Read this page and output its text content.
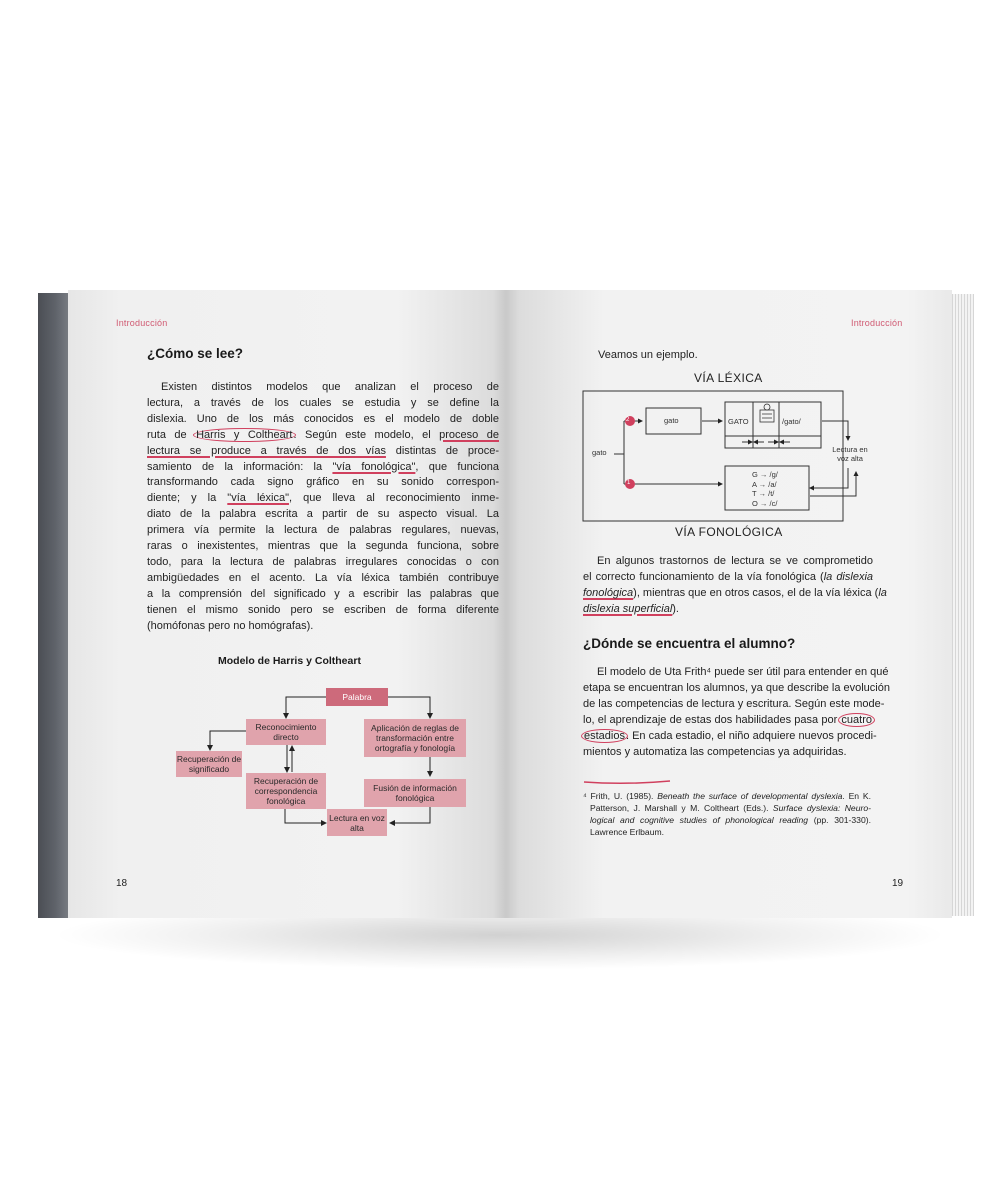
Introducción
¿Cómo se lee?
Existen distintos modelos que analizan el proceso de
lectura, a través de los cuales se estudia y se define la
dislexia. Uno de los más conocidos es el modelo de doble
ruta de Harris y Coltheart. Según este modelo, el proceso de
lectura se produce a través de dos vías distintas de proce-
samiento de la información: la "vía fonológica", que funciona
transformando cada signo gráfico en su sonido correspon-
diente; y la "vía léxica", que lleva al reconocimiento inme-
diato de la palabra escrita a partir de su aspecto visual. La
primera vía permite la lectura de palabras regulares, nuevas,
raras o inexistentes, mientras que la segunda funciona, sobre
todo, para la lectura de palabras irregulares conocidas o con
ambigüedades en el acento. La vía léxica también contribuye
a la comprensión del significado y a escribir las palabras que
tienen el mismo sonido pero se escriben de forma diferente
(homófonas pero no homógrafas).
Modelo de Harris y Coltheart
Palabra
Reconocimiento directo
Aplicación de reglas de transformación entre ortografía y fonología
Recuperación de significado
Recuperación de correspondencia fonológica
Fusión de información fonológica
Lectura en voz alta
18
Introducción
Veamos un ejemplo.
VÍA LÉXICA
2
1
gato
gato	GATO	/gato/
Lectura en voz alta
G → /g/
A → /a/
T → /t/
O → /c/
VÍA FONOLÓGICA
En algunos trastornos de lectura se ve comprometido
el correcto funcionamiento de la vía fonológica (la dislexia
fonológica), mientras que en otros casos, el de la vía léxica (la
dislexia superficial).
¿Dónde se encuentra el alumno?
El modelo de Uta Frith⁴ puede ser útil para entender en qué
etapa se encuentran los alumnos, ya que describe la evolución
de las competencias de lectura y escritura. Según este mode-
lo, el aprendizaje de estas dos habilidades pasa por cuatro
estadios. En cada estadio, el niño adquiere nuevos procedi-
mientos y automatiza las competencias ya adquiridas.
⁴ Frith, U. (1985). Beneath the surface of developmental dyslexia. En K.
Patterson, J. Marshall y M. Coltheart (Eds.). Surface dyslexia: Neuro-
logical and cognitive studies of phonological reading (pp. 301-330).
Lawrence Erlbaum.
19
